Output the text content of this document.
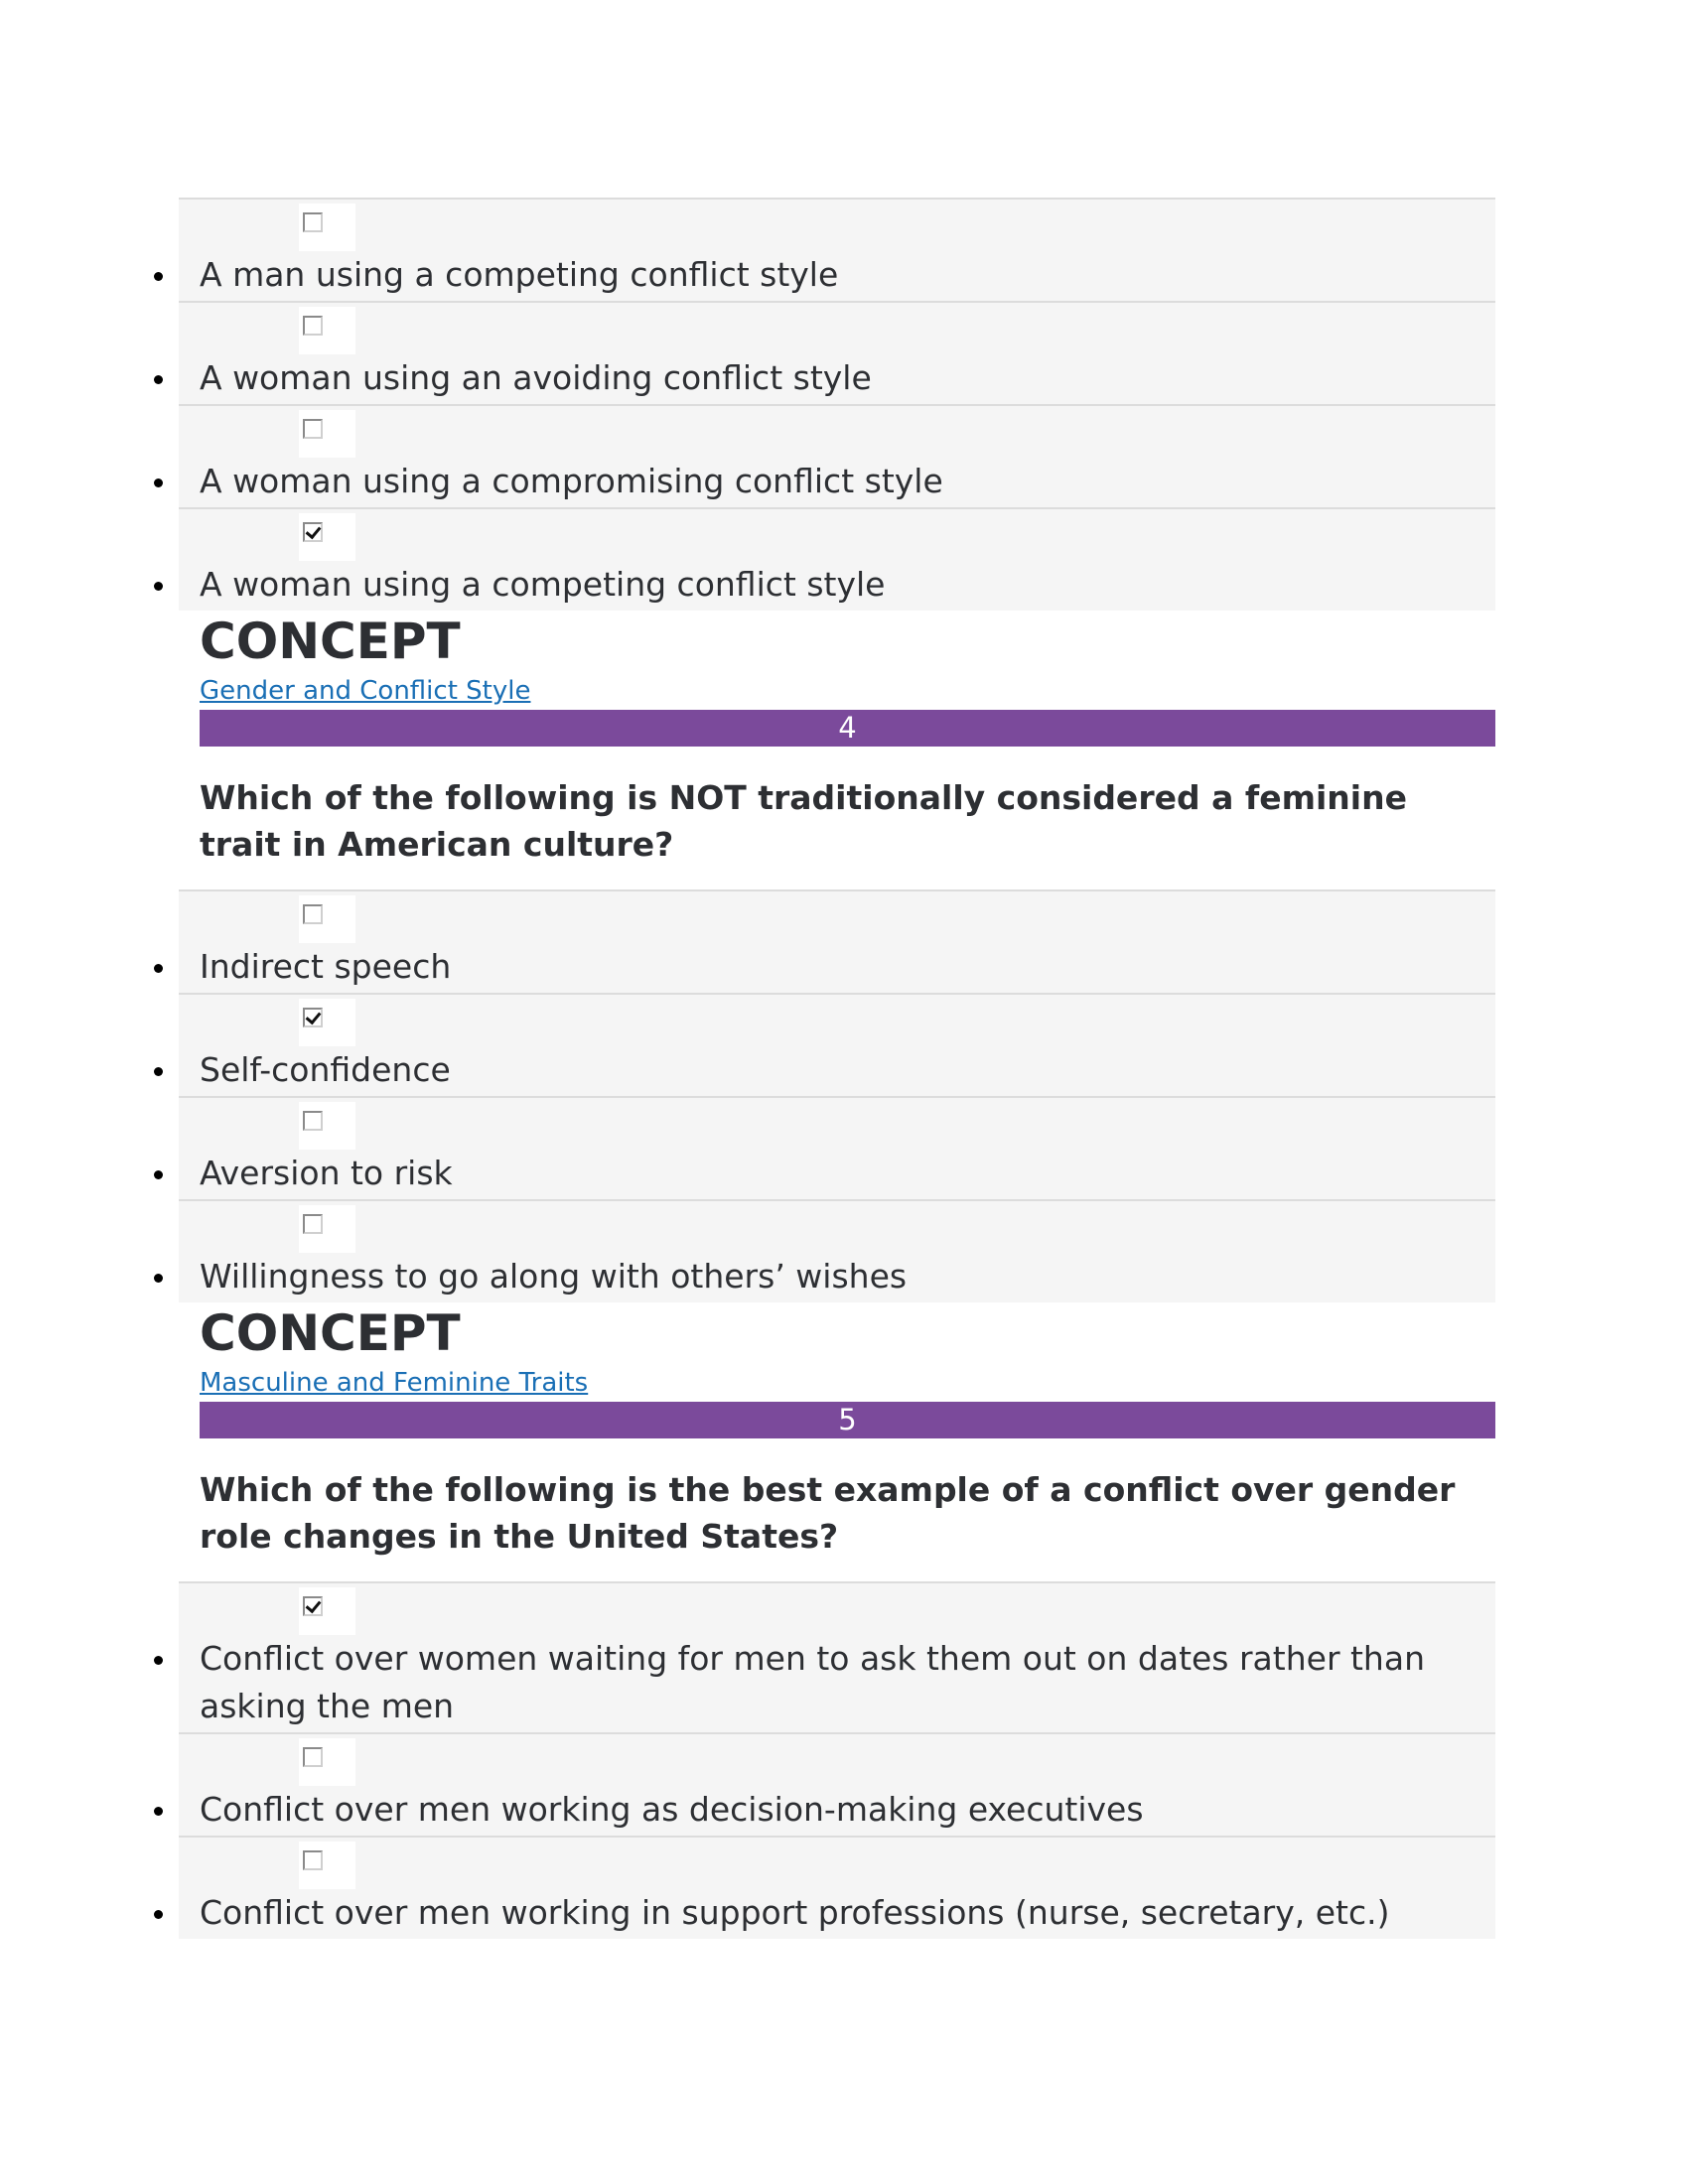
• A man using a competing conflict style
• A woman using an avoiding conflict style
• A woman using a compromising conflict style
• A woman using a competing conflict style
CONCEPT
Gender and Conflict Style
4

Which of the following is NOT traditionally considered a feminine trait in American culture?

• Indirect speech
• Self-confidence
• Aversion to risk
• Willingness to go along with others’ wishes
CONCEPT
Masculine and Feminine Traits
5

Which of the following is the best example of a conflict over gender role changes in the United States?

• Conflict over women waiting for men to ask them out on dates rather than asking the men
• Conflict over men working as decision-making executives
• Conflict over men working in support professions (nurse, secretary, etc.)
